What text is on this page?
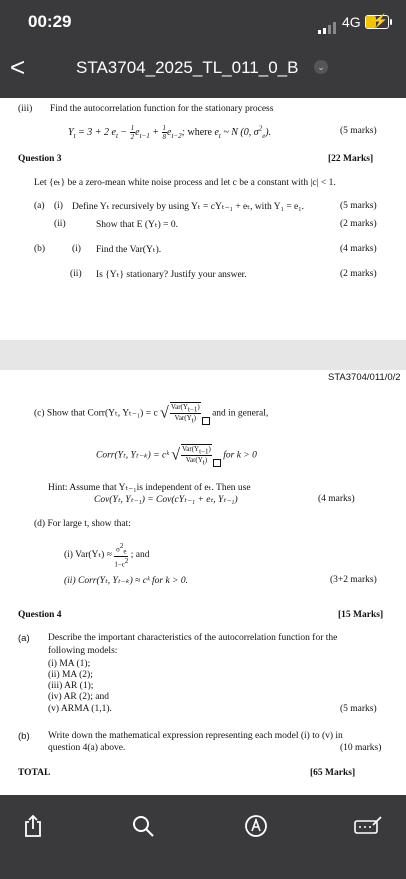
00:29	4G ⚡
<	STA3704_2025_TL_011_0_B	⌄
(iii) Find the autocorrelation function for the stationary process
$Y_t = 3 + 2$ $e_t - \frac{1}{2} e_{t-1} + \frac{1}{8} e_{t-2}$; where $e_t$ ~ N (0, $\sigma^2_e$).	(5 marks)
Question 3	[22 Marks]
Let {eₜ} be a zero-mean white noise process and let c be a constant with |c| < 1.
(a) (i) Define Yₜ recursively by using Yₜ = cYₜ₋₁ + eₜ, with Y₁ = e₁.	(5 marks)
(ii)	Show that E (Yₜ) = 0.	(2 marks)
(b)	(i) Find the Var(Yₜ).	(4 marks)
(ii) Is {Yₜ} stationary? Justify your answer.	(2 marks)
STA3704/011/0/2
(c) Show that Corr(Yₜ, Yₜ₋₁) = c √ $\frac{Var(Y_{t-1})}{Var(Y_t)}$ and in general,
Corr(Yₜ, Yₜ₋ₖ) = cᵏ √ $\frac{Var(Y_{t-1})}{Var(Y_t)}$ for k > 0
Hint: Assume that Yₜ₋₁is independent of eₜ. Then use
Cov(Yₜ, Yₜ₋₁) = Cov(cYₜ₋₁ + eₜ, Yₜ₋₁)	(4 marks)
(d) For large t, show that:
(i) $Var(Y_t) \approx \frac{\sigma^2_e}{1-c^2}$ ; and
(ii) Corr(Yₜ, Yₜ₋ₖ) ≈ cᵏ for k > 0.	(3+2 marks)
Question 4	[15 Marks]
(a) Describe the important characteristics of the autocorrelation function for the
following models:
(i) MA (1);
(ii) MA (2);
(iii) AR (1);
(iv) AR (2); and
(v) ARMA (1,1).	(5 marks)
(b) Write down the mathematical expression representing each model (i) to (v) in
question 4(a) above.	(10 marks)
TOTAL	[65 Marks]
